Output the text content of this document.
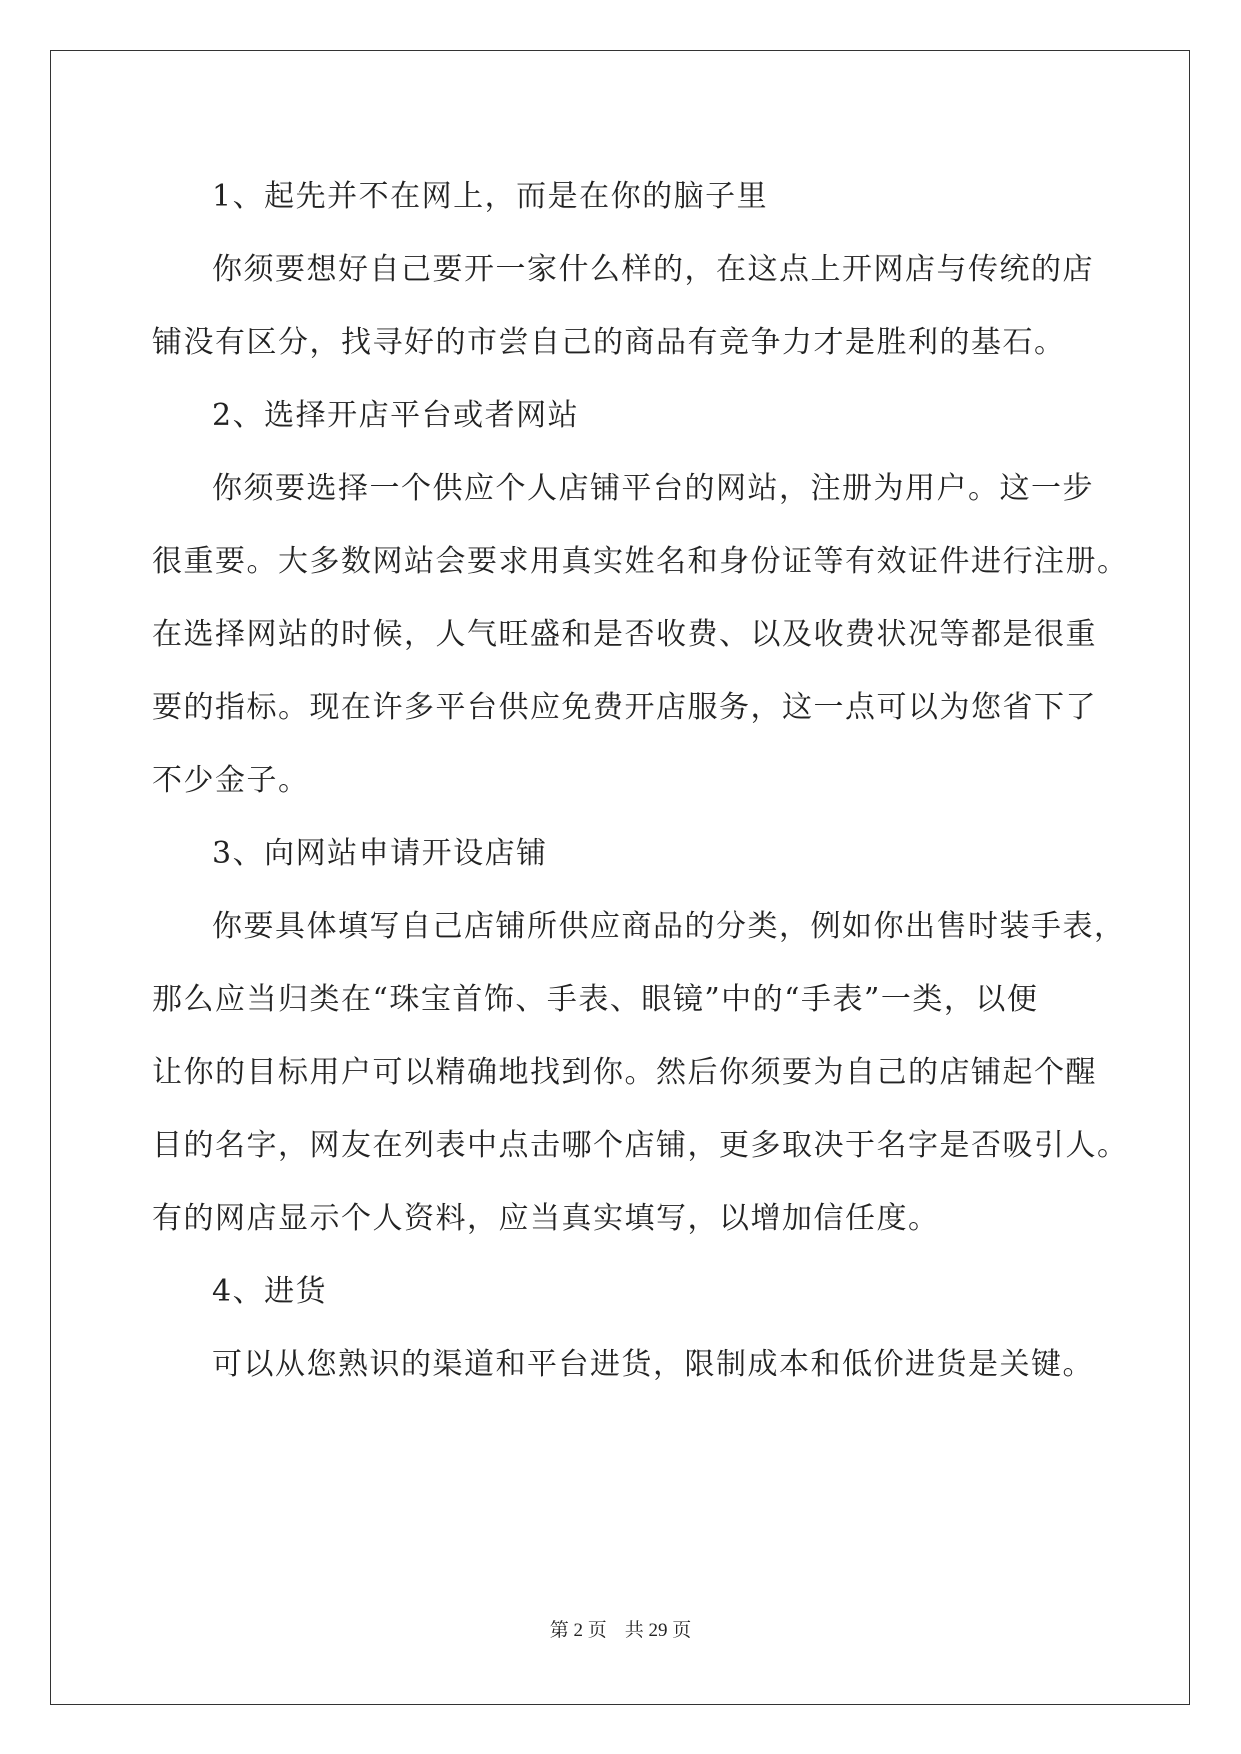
1、起先并不在网上，而是在你的脑子里

你须要想好自己要开一家什么样的，在这点上开网店与传统的店

铺没有区分，找寻好的市尝自己的商品有竞争力才是胜利的基石。

2、选择开店平台或者网站

你须要选择一个供应个人店铺平台的网站，注册为用户。这一步

很重要。大多数网站会要求用真实姓名和身份证等有效证件进行注册。

在选择网站的时候，人气旺盛和是否收费、以及收费状况等都是很重

要的指标。现在许多平台供应免费开店服务，这一点可以为您省下了

不少金子。

3、向网站申请开设店铺

你要具体填写自己店铺所供应商品的分类，例如你出售时装手表，

那么应当归类在“珠宝首饰、手表、眼镜”中的“手表”一类，以便

让你的目标用户可以精确地找到你。然后你须要为自己的店铺起个醒

目的名字，网友在列表中点击哪个店铺，更多取决于名字是否吸引人。

有的网店显示个人资料，应当真实填写，以增加信任度。

4、进货

可以从您熟识的渠道和平台进货，限制成本和低价进货是关键。

第 2 页 共 29 页
